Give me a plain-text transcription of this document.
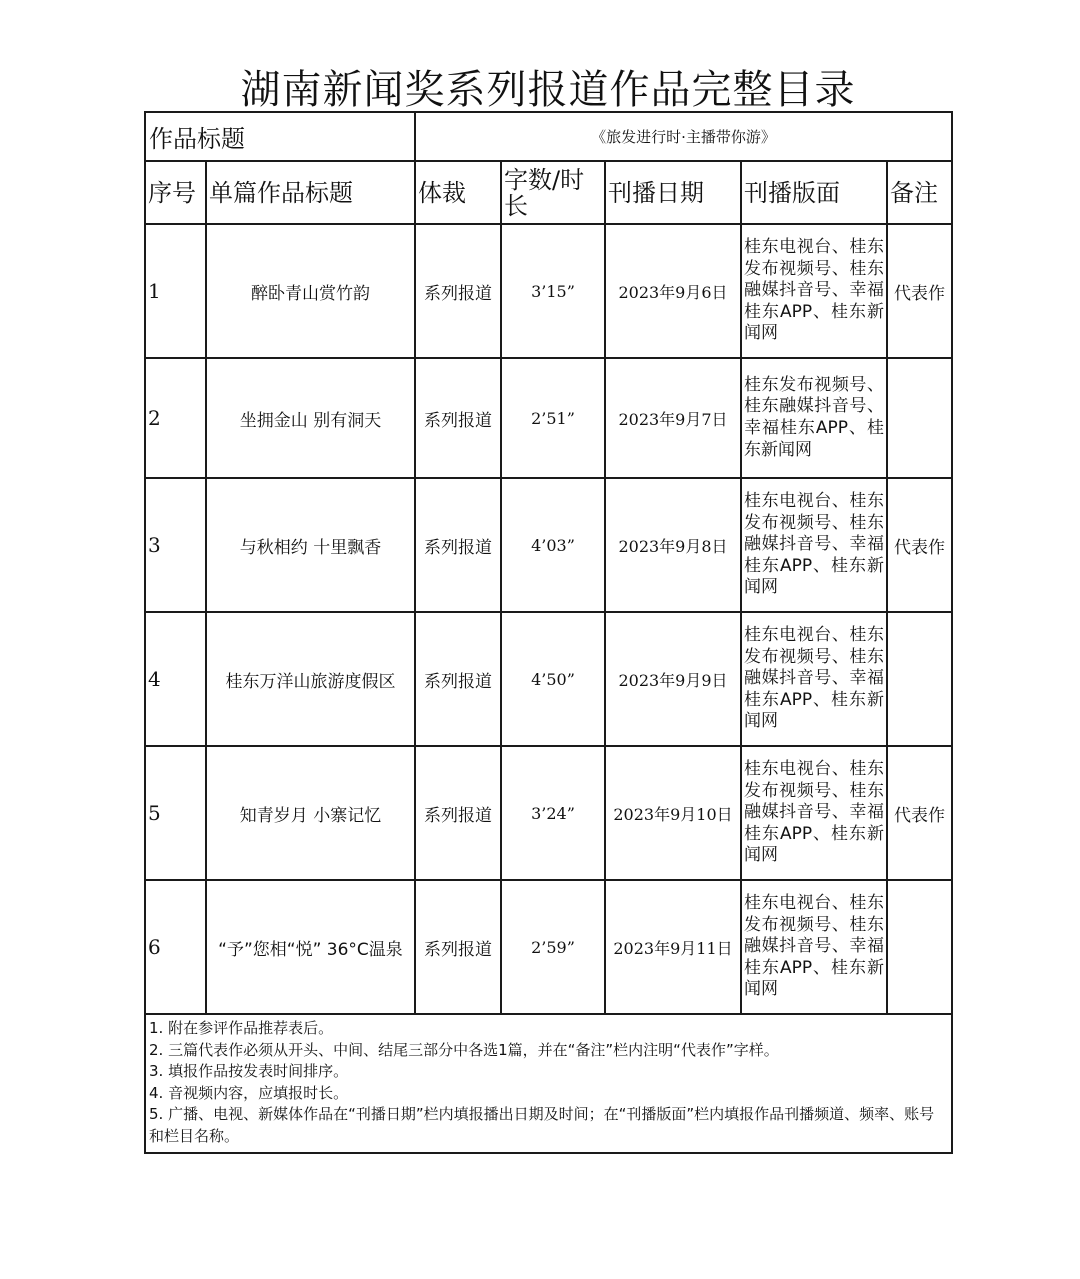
湖南新闻奖系列报道作品完整目录
作品标题		《旅发进行时·主播带你游》				
序号	单篇作品标题	体裁	字数/时长	刊播日期	刊播版面	备注
1	醉卧青山赏竹韵	系列报道	3’15”	2023年9月6日	桂东电视台、桂东发布视频号、桂东融媒抖音号、幸福桂东APP、桂东新闻网	代表作
2	坐拥金山 别有洞天	系列报道	2’51”	2023年9月7日	桂东发布视频号、桂东融媒抖音号、幸福桂东APP、桂东新闻网	
3	与秋相约 十里飘香	系列报道	4’03”	2023年9月8日	桂东电视台、桂东发布视频号、桂东融媒抖音号、幸福桂东APP、桂东新闻网	代表作
4	桂东万洋山旅游度假区	系列报道	4’50”	2023年9月9日	桂东电视台、桂东发布视频号、桂东融媒抖音号、幸福桂东APP、桂东新闻网	
5	知青岁月 小寨记忆	系列报道	3’24”	2023年9月10日	桂东电视台、桂东发布视频号、桂东融媒抖音号、幸福桂东APP、桂东新闻网	代表作
6	“予”您相“悦” 36°C温泉	系列报道	2’59”	2023年9月11日	桂东电视台、桂东发布视频号、桂东融媒抖音号、幸福桂东APP、桂东新闻网	

1. 附在参评作品推荐表后。
2. 三篇代表作必须从开头、中间、结尾三部分中各选1篇，并在“备注”栏内注明“代表作”字样。
3. 填报作品按发表时间排序。
4. 音视频内容，应填报时长。
5. 广播、电视、新媒体作品在“刊播日期”栏内填报播出日期及时间；在“刊播版面”栏内填报作品刊播频道、频率、账号和栏目名称。						
